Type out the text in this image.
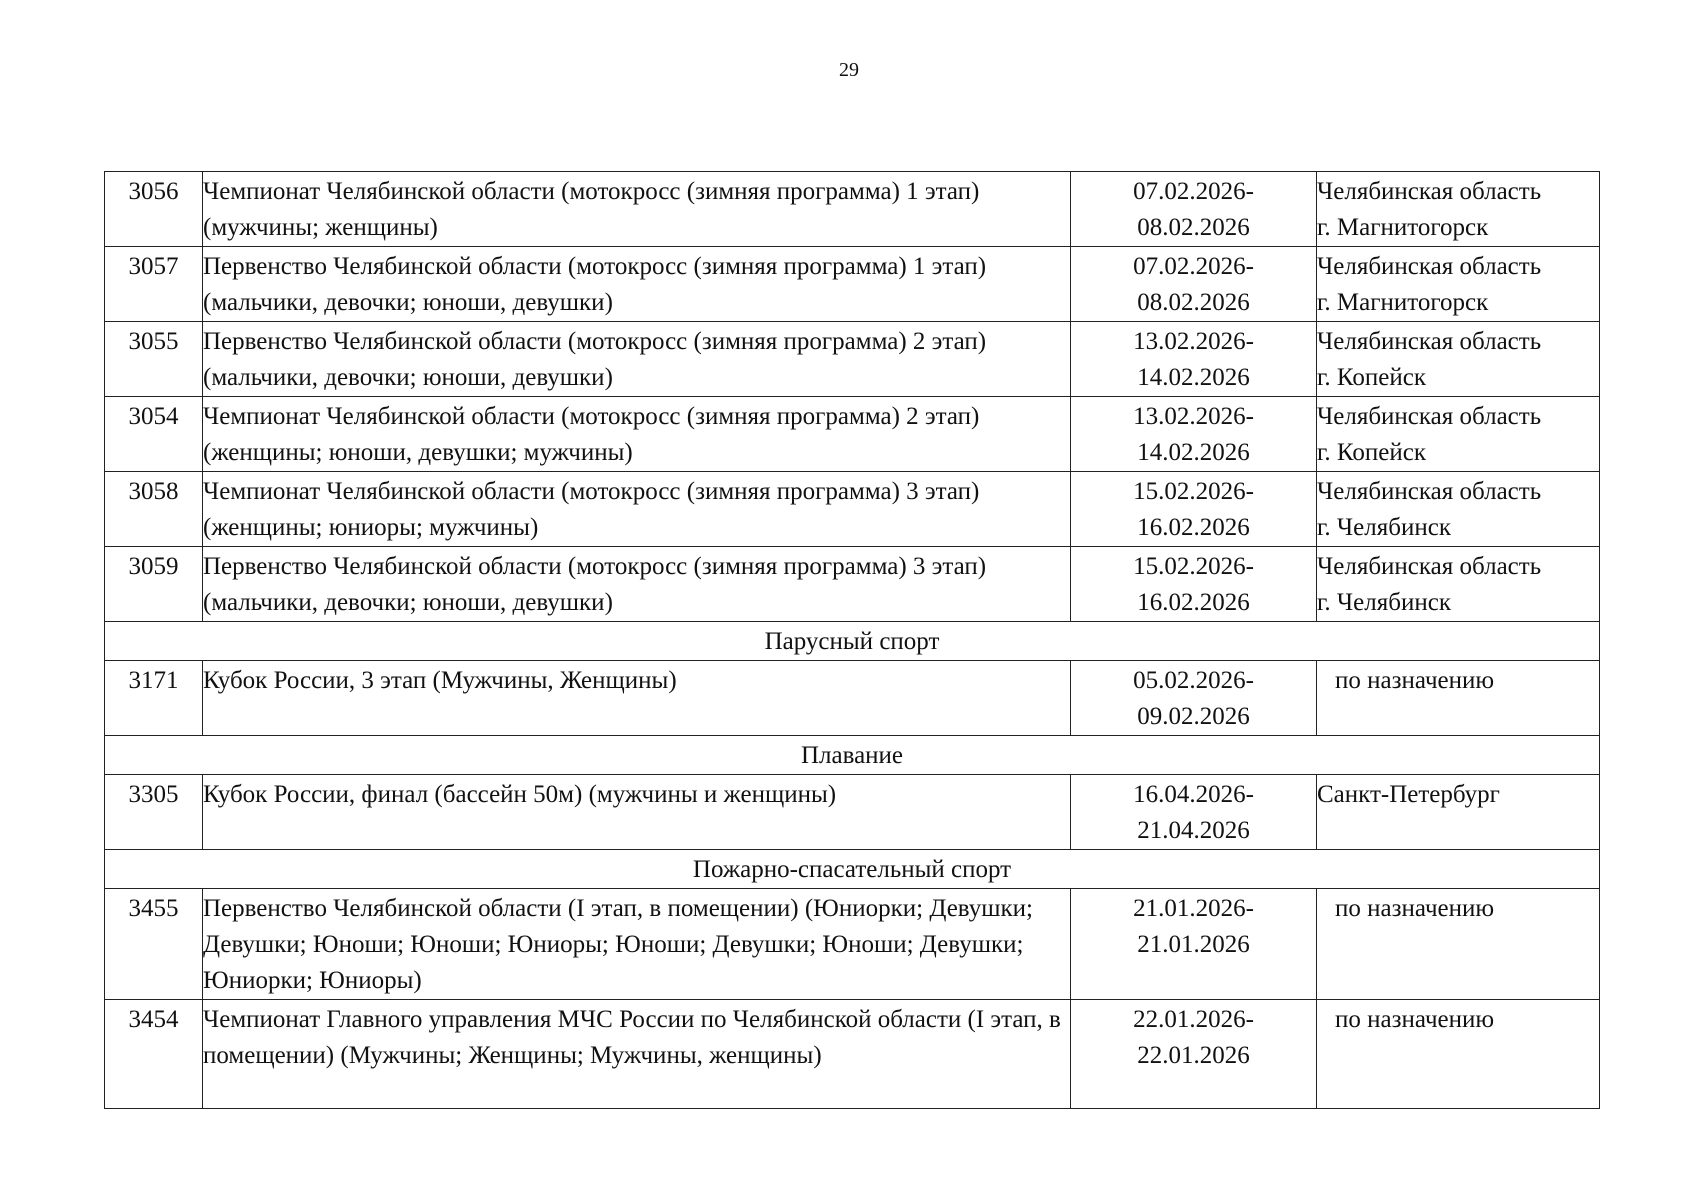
29
3056	Чемпионат Челябинской области (мотокросс (зимняя программа) 1 этап) (мужчины; женщины)	07.02.2026-
08.02.2026	Челябинская область
г. Магнитогорск
3057	Первенство Челябинской области (мотокросс (зимняя программа) 1 этап) (мальчики, девочки; юноши, девушки)	07.02.2026-
08.02.2026	Челябинская область
г. Магнитогорск
3055	Первенство Челябинской области (мотокросс (зимняя программа) 2 этап) (мальчики, девочки; юноши, девушки)	13.02.2026-
14.02.2026	Челябинская область
г. Копейск
3054	Чемпионат Челябинской области (мотокросс (зимняя программа) 2 этап) (женщины; юноши, девушки; мужчины)	13.02.2026-
14.02.2026	Челябинская область
г. Копейск
3058	Чемпионат Челябинской области (мотокросс (зимняя программа) 3 этап) (женщины; юниоры; мужчины)	15.02.2026-
16.02.2026	Челябинская область
г. Челябинск
3059	Первенство Челябинской области (мотокросс (зимняя программа) 3 этап) (мальчики, девочки; юноши, девушки)	15.02.2026-
16.02.2026	Челябинская область
г. Челябинск
Парусный спорт			
3171	Кубок России, 3 этап (Мужчины, Женщины)	05.02.2026-
09.02.2026	по назначению
Плавание			
3305	Кубок России, финал (бассейн 50м) (мужчины и женщины)	16.04.2026-
21.04.2026	Санкт-Петербург
Пожарно-спасательный спорт			
3455	Первенство Челябинской области (I этап, в помещении) (Юниорки; Девушки; Девушки; Юноши; Юноши; Юниоры; Юноши; Девушки; Юноши; Девушки; Юниорки; Юниоры)	21.01.2026-
21.01.2026	по назначению
3454	Чемпионат Главного управления МЧС России по Челябинской области (I этап, в помещении) (Мужчины; Женщины; Мужчины, женщины)	22.01.2026-
22.01.2026	по назначению
